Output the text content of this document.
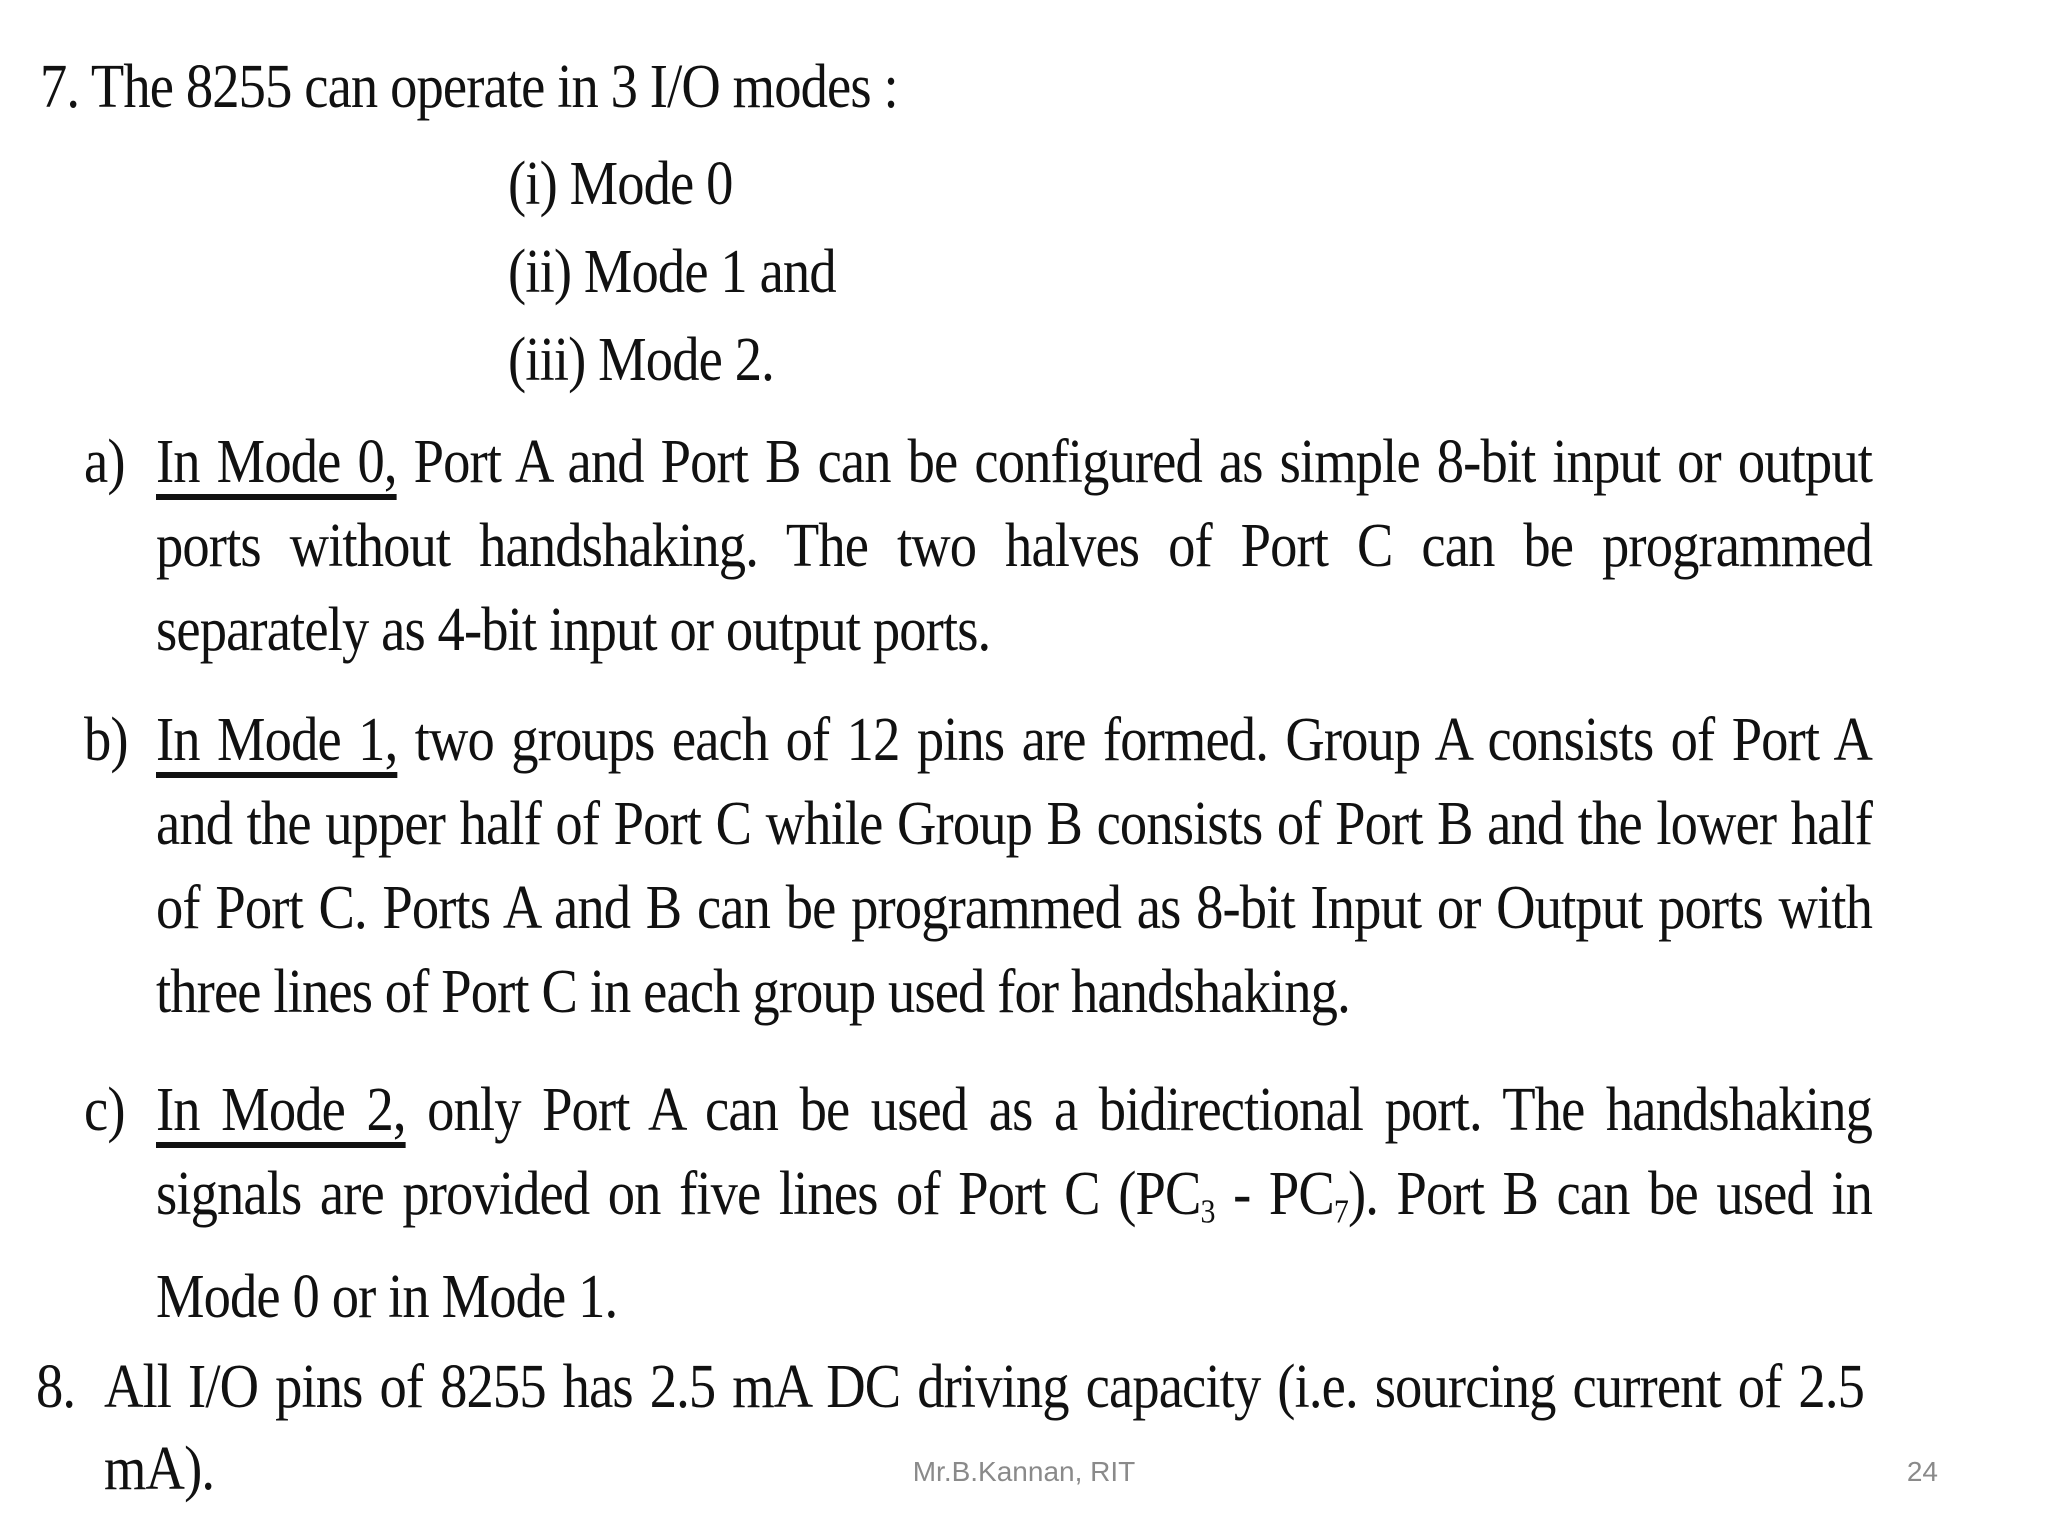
7. The 8255 can operate in 3 I/O modes :
(i) Mode 0
(ii) Mode 1 and
(iii) Mode 2.
a) In Mode 0, Port A and Port B can be configured as simple 8-bit input or output ports without handshaking. The two halves of Port C can be programmed separately as 4-bit input or output ports.
b) In Mode 1, two groups each of 12 pins are formed. Group A consists of Port A and the upper half of Port C while Group B consists of Port B and the lower half of Port C. Ports A and B can be programmed as 8-bit Input or Output ports with three lines of Port C in each group used for handshaking.
c) In Mode 2, only Port A can be used as a bidirectional port. The handshaking signals are provided on five lines of Port C $(PC_3 - PC_7)$. Port B can be used in Mode 0 or in Mode 1.
8. All I/O pins of 8255 has 2.5 mA DC driving capacity (i.e. sourcing current of 2.5 mA).	Mr.B.Kannan, RIT	24
